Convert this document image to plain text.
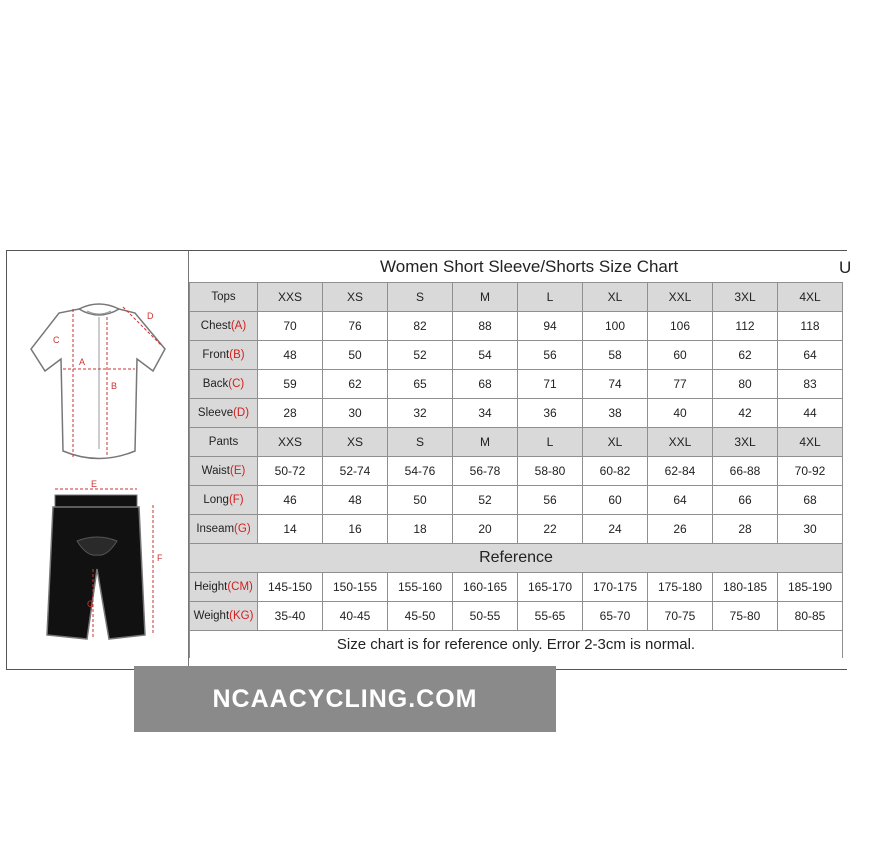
A
B
C
D
E
F
G
Women Short Sleeve/Shorts Size Chart	U
Tops	XXS	XS	S	M	L	XL	XXL	3XL	4XL
Chest(A)	70	76	82	88	94	100	106	112	118
Front(B)	48	50	52	54	56	58	60	62	64
Back(C)	59	62	65	68	71	74	77	80	83
Sleeve(D)	28	30	32	34	36	38	40	42	44
Pants	XXS	XS	S	M	L	XL	XXL	3XL	4XL
Waist(E)	50-72	52-74	54-76	56-78	58-80	60-82	62-84	66-88	70-92
Long(F)	46	48	50	52	56	60	64	66	68
Inseam(G)	14	16	18	20	22	24	26	28	30
Reference									
Height(CM)	145-150	150-155	155-160	160-165	165-170	170-175	175-180	180-185	185-190
Weight(KG)	35-40	40-45	45-50	50-55	55-65	65-70	70-75	75-80	80-85
Size chart is for reference only. Error 2-3cm is normal.									
NCAACYCLING.COM
